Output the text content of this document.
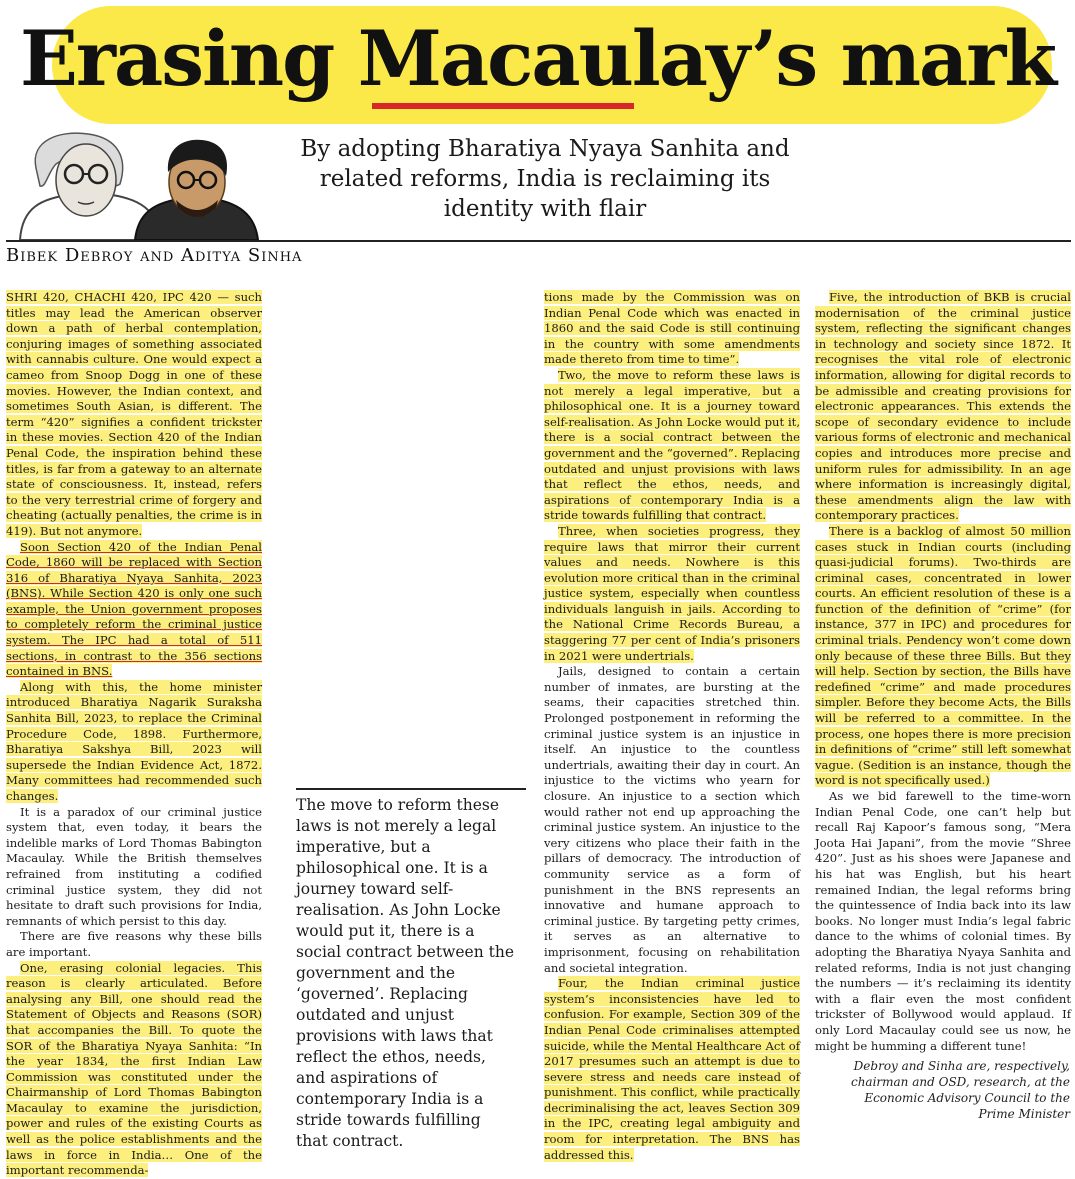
Erasing Macaulay’s mark
By adopting Bharatiya Nyaya Sanhita and related reforms, India is reclaiming its identity with flair
Bibek Debroy and Aditya Sinha

SHRI 420, CHACHI 420, IPC 420 — such titles may lead the American observer down a path of herbal contemplation, conjuring images of something associated with cannabis culture. One would expect a cameo from Snoop Dogg in one of these movies. However, the Indian context, and sometimes South Asian, is different. The term “420” signifies a confident trickster in these movies. Section 420 of the Indian Penal Code, the inspiration behind these titles, is far from a gateway to an alternate state of consciousness. It, instead, refers to the very terrestrial crime of forgery and cheating (actually penalties, the crime is in 419). But not anymore.

Soon Section 420 of the Indian Penal Code, 1860 will be replaced with Section 316 of Bharatiya Nyaya Sanhita, 2023 (BNS). While Section 420 is only one such example, the Union government proposes to completely reform the criminal justice system. The IPC had a total of 511 sections, in contrast to the 356 sections contained in BNS.

Along with this, the home minister introduced Bharatiya Nagarik Suraksha Sanhita Bill, 2023, to replace the Criminal Procedure Code, 1898. Furthermore, Bharatiya Sakshya Bill, 2023 will supersede the Indian Evidence Act, 1872. Many committees had recommended such changes.

It is a paradox of our criminal justice system that, even today, it bears the indelible marks of Lord Thomas Babington Macaulay. While the British themselves refrained from instituting a codified criminal justice system, they did not hesitate to draft such provisions for India, remnants of which persist to this day.

There are five reasons why these bills are important.

One, erasing colonial legacies. This reason is clearly articulated. Before analysing any Bill, one should read the Statement of Objects and Reasons (SOR) that accompanies the Bill. To quote the SOR of the Bharatiya Nyaya Sanhita: “In the year 1834, the first Indian Law Commission was constituted under the Chairmanship of Lord Thomas Babington Macaulay to examine the jurisdiction, power and rules of the existing Courts as well as the police establishments and the laws in force in India… One of the important recommenda-

The move to reform these laws is not merely a legal imperative, but a philosophical one. It is a journey toward self-realisation. As John Locke would put it, there is a social contract between the government and the ‘governed’. Replacing outdated and unjust provisions with laws that reflect the ethos, needs, and aspirations of contemporary India is a stride towards fulfilling that contract.

tions made by the Commission was on Indian Penal Code which was enacted in 1860 and the said Code is still continuing in the country with some amendments made thereto from time to time”.

Two, the move to reform these laws is not merely a legal imperative, but a philosophical one. It is a journey toward self-realisation. As John Locke would put it, there is a social contract between the government and the “governed”. Replacing outdated and unjust provisions with laws that reflect the ethos, needs, and aspirations of contemporary India is a stride towards fulfilling that contract.

Three, when societies progress, they require laws that mirror their current values and needs. Nowhere is this evolution more critical than in the criminal justice system, especially when countless individuals languish in jails. According to the National Crime Records Bureau, a staggering 77 per cent of India’s prisoners in 2021 were undertrials.

Jails, designed to contain a certain number of inmates, are bursting at the seams, their capacities stretched thin. Prolonged postponement in reforming the criminal justice system is an injustice in itself. An injustice to the countless undertrials, awaiting their day in court. An injustice to the victims who yearn for closure. An injustice to a section which would rather not end up approaching the criminal justice system. An injustice to the very citizens who place their faith in the pillars of democracy. The introduction of community service as a form of punishment in the BNS represents an innovative and humane approach to criminal justice. By targeting petty crimes, it serves as an alternative to imprisonment, focusing on rehabilitation and societal integration.

Four, the Indian criminal justice system’s inconsistencies have led to confusion. For example, Section 309 of the Indian Penal Code criminalises attempted suicide, while the Mental Healthcare Act of 2017 presumes such an attempt is due to severe stress and needs care instead of punishment. This conflict, while practically decriminalising the act, leaves Section 309 in the IPC, creating legal ambiguity and room for interpretation. The BNS has addressed this.

Five, the introduction of BKB is crucial modernisation of the criminal justice system, reflecting the significant changes in technology and society since 1872. It recognises the vital role of electronic information, allowing for digital records to be admissible and creating provisions for electronic appearances. This extends the scope of secondary evidence to include various forms of electronic and mechanical copies and introduces more precise and uniform rules for admissibility. In an age where information is increasingly digital, these amendments align the law with contemporary practices.

There is a backlog of almost 50 million cases stuck in Indian courts (including quasi-judicial forums). Two-thirds are criminal cases, concentrated in lower courts. An efficient resolution of these is a function of the definition of “crime” (for instance, 377 in IPC) and procedures for criminal trials. Pendency won’t come down only because of these three Bills. But they will help. Section by section, the Bills have redefined “crime” and made procedures simpler. Before they become Acts, the Bills will be referred to a committee. In the process, one hopes there is more precision in definitions of “crime” still left somewhat vague. (Sedition is an instance, though the word is not specifically used.)

As we bid farewell to the time-worn Indian Penal Code, one can’t help but recall Raj Kapoor’s famous song, “Mera Joota Hai Japani”, from the movie “Shree 420”. Just as his shoes were Japanese and his hat was English, but his heart remained Indian, the legal reforms bring the quintessence of India back into its law books. No longer must India’s legal fabric dance to the whims of colonial times. By adopting the Bharatiya Nyaya Sanhita and related reforms, India is not just changing the numbers — it’s reclaiming its identity with a flair even the most confident trickster of Bollywood would applaud. If only Lord Macaulay could see us now, he might be humming a different tune!

Debroy and Sinha are, respectively, chairman and OSD, research, at the Economic Advisory Council to the Prime Minister
